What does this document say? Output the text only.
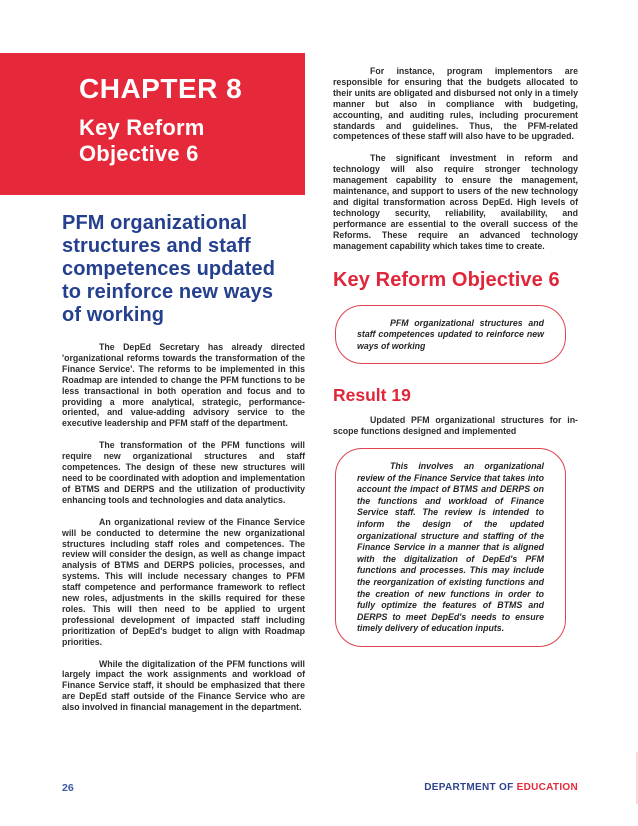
CHAPTER 8
Key Reform Objective 6
PFM organizational
structures and staff
competences updated
to reinforce new ways
of working

The DepEd Secretary has already directed 'organizational reforms towards the transformation of the Finance Service'. The reforms to be implemented in this Roadmap are intended to change the PFM functions to be less transactional in both operation and focus and to providing a more analytical, strategic, performance-oriented, and value-adding advisory service to the executive leadership and PFM staff of the department.

The transformation of the PFM functions will require new organizational structures and staff competences. The design of these new structures will need to be coordinated with adoption and implementation of BTMS and DERPS and the utilization of productivity enhancing tools and technologies and data analytics.

An organizational review of the Finance Service will be conducted to determine the new organizational structures including staff roles and competences. The review will consider the design, as well as change impact analysis of BTMS and DERPS policies, processes, and systems. This will include necessary changes to PFM staff competence and performance framework to reflect new roles, adjustments in the skills required for these roles. This will then need to be applied to urgent professional development of impacted staff including prioritization of DepEd's budget to align with Roadmap priorities.

While the digitalization of the PFM functions will largely impact the work assignments and workload of Finance Service staff, it should be emphasized that there are DepEd staff outside of the Finance Service who are also involved in financial management in the department.

For instance, program implementors are responsible for ensuring that the budgets allocated to their units are obligated and disbursed not only in a timely manner but also in compliance with budgeting, accounting, and auditing rules, including procurement standards and guidelines. Thus, the PFM-related competences of these staff will also have to be upgraded.

The significant investment in reform and technology will also require stronger technology management capability to ensure the management, maintenance, and support to users of the new technology and digital transformation across DepEd. High levels of technology security, reliability, availability, and performance are essential to the overall success of the Reforms. These require an advanced technology management capability which takes time to create.

Key Reform Objective 6

PFM organizational structures and staff competences updated to reinforce new ways of working

Result 19

Updated PFM organizational structures for in-scope functions designed and implemented

This involves an organizational review of the Finance Service that takes into account the impact of BTMS and DERPS on the functions and workload of Finance Service staff. The review is intended to inform the design of the updated organizational structure and staffing of the Finance Service in a manner that is aligned with the digitalization of DepEd's PFM functions and processes. This may include the reorganization of existing functions and the creation of new functions in order to fully optimize the features of BTMS and DERPS to meet DepEd's needs to ensure timely delivery of education inputs.

26	DEPARTMENT OF EDUCATION
